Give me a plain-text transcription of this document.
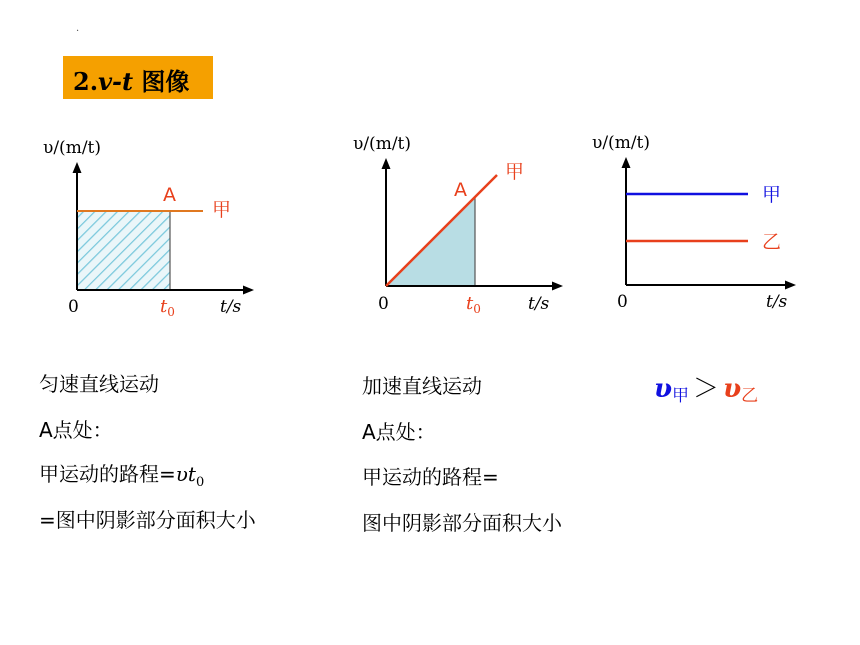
·
2.v-t 图像
υ/(m/t)
A
甲
0	$t_0$	t/s
υ/(m/t)
A
甲
0	$t_0$	t/s
υ/(m/t)
甲
乙
0	t/s
匀速直线运动
A点处：
甲运动的路程$=\upsilon t_0$
=图中阴影部分面积大小
加速直线运动
A点处：
甲运动的路程=
图中阴影部分面积大小
$\upsilon_甲 > \upsilon_乙$
